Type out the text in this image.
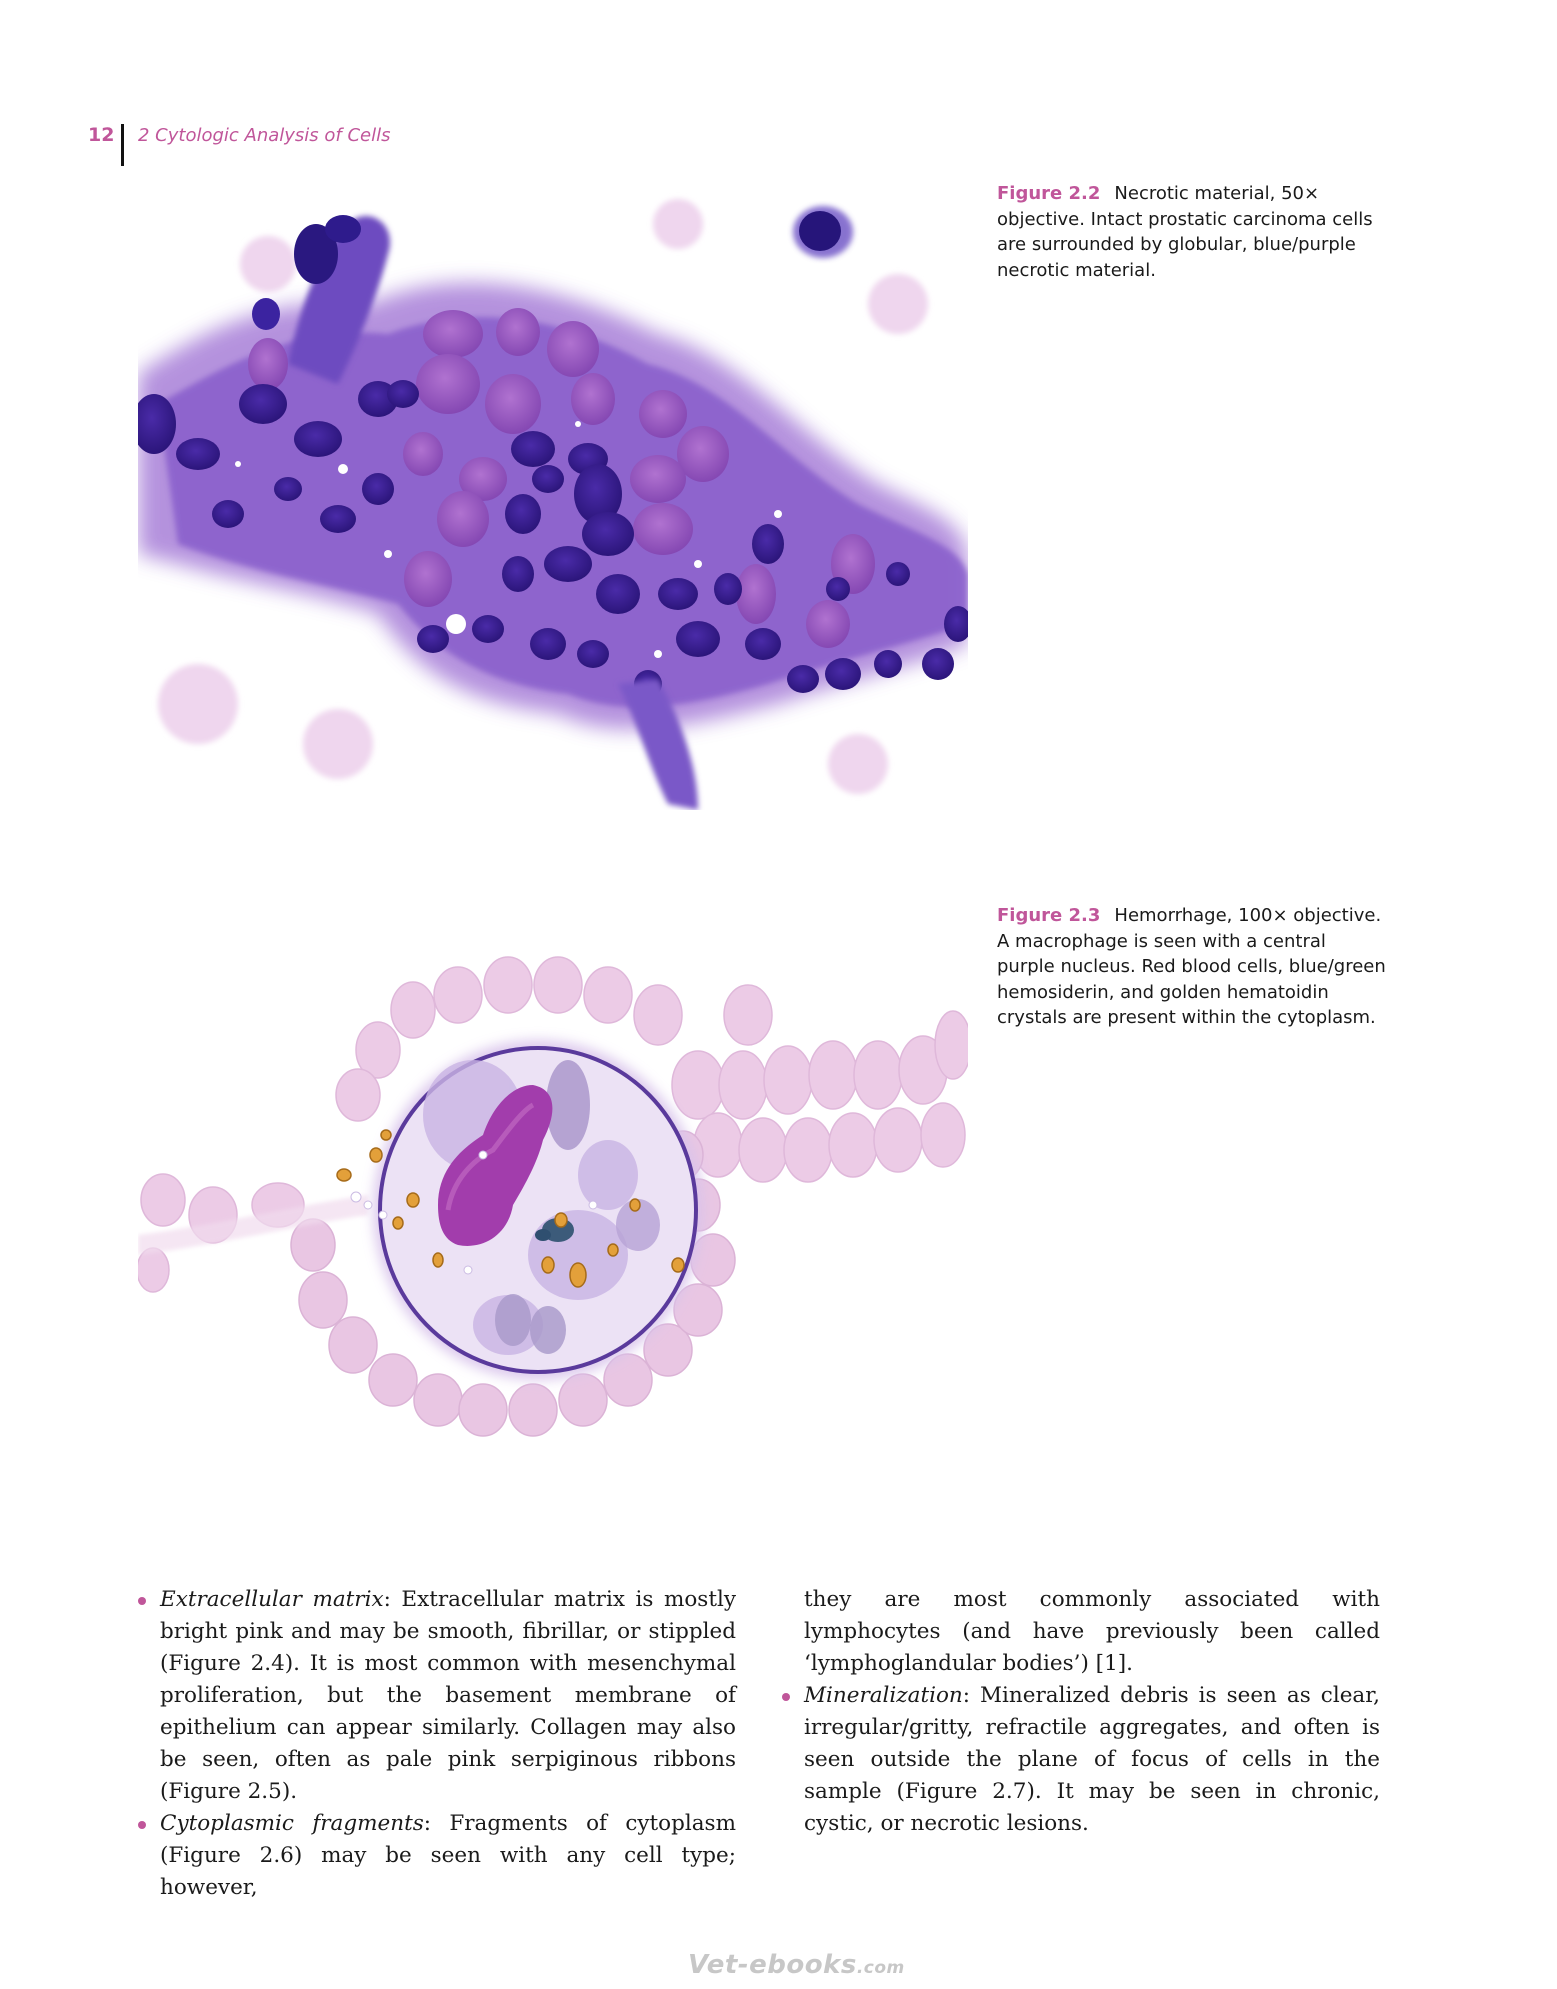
12 2 Cytologic Analysis of Cells
Figure 2.2 Necrotic material, 50× objective. Intact prostatic carcinoma cells are surrounded by globular, blue/purple necrotic material.
Figure 2.3 Hemorrhage, 100× objective. A macrophage is seen with a central purple nucleus. Red blood cells, blue/green hemosiderin, and golden hematoidin crystals are present within the cytoplasm.

Extracellular matrix: Extracellular matrix is mostly bright pink and may be smooth, fibrillar, or stippled (Figure 2.4). It is most common with mesenchymal proliferation, but the basement membrane of epithelium can appear similarly. Collagen may also be seen, often as pale pink serpiginous ribbons (Figure 2.5).

Cytoplasmic fragments: Fragments of cytoplasm (Figure 2.6) may be seen with any cell type; however,

they are most commonly associated with lymphocytes (and have previously been called ‘lymphoglandular bodies’) [1].

Mineralization: Mineralized debris is seen as clear, irregular/gritty, refractile aggregates, and often is seen outside the plane of focus of cells in the sample (Figure 2.7). It may be seen in chronic, cystic, or necrotic lesions.

Vet-ebooks.com
